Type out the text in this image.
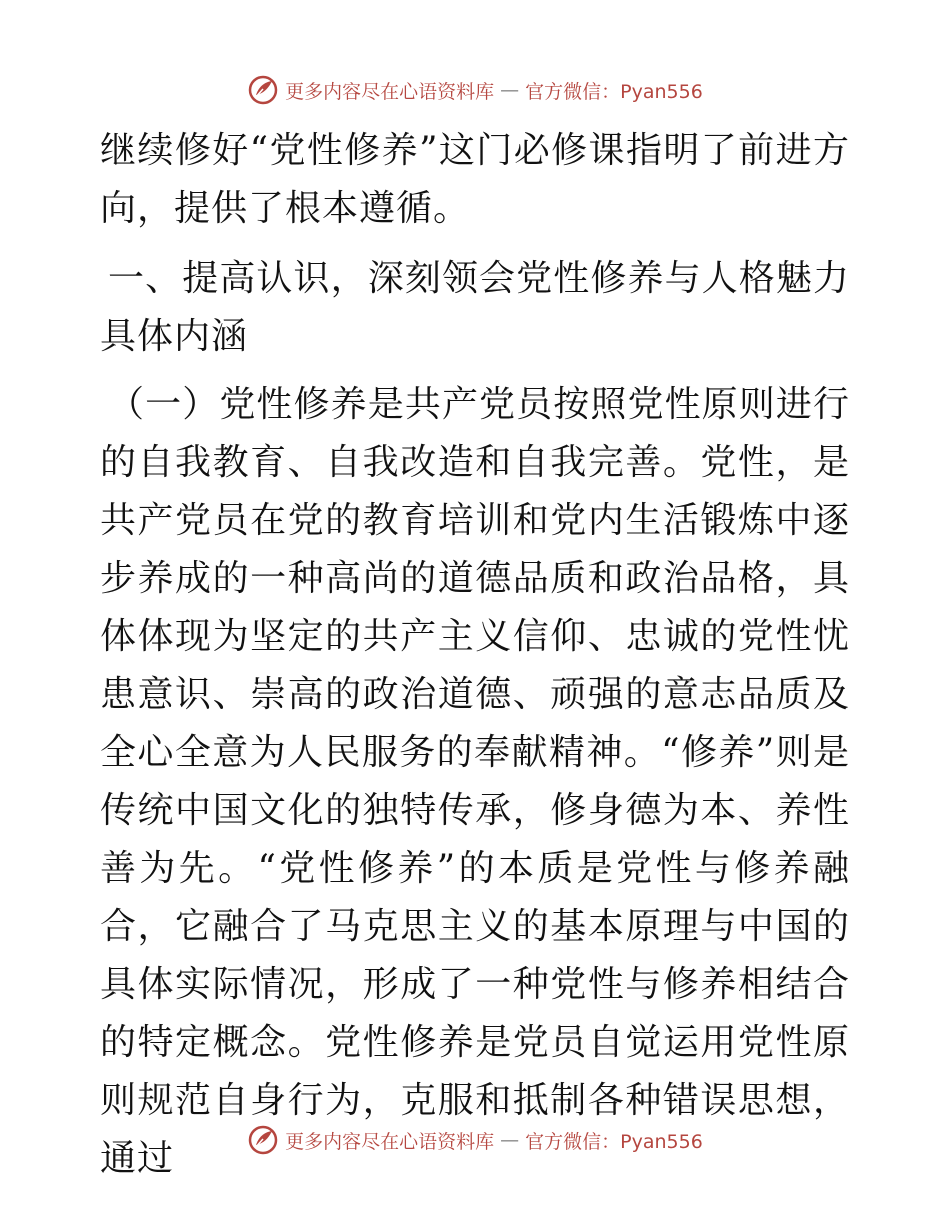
更多内容尽在心语资料库 — 官方微信：Pyan556

继续修好“党性修养”这门必修课指明了前进方向，提供了根本遵循。

一、提高认识，深刻领会党性修养与人格魅力具体内涵

（一）党性修养是共产党员按照党性原则进行的自我教育、自我改造和自我完善。党性，是共产党员在党的教育培训和党内生活锻炼中逐步养成的一种高尚的道德品质和政治品格，具体体现为坚定的共产主义信仰、忠诚的党性忧患意识、崇高的政治道德、顽强的意志品质及全心全意为人民服务的奉献精神。“修养”则是传统中国文化的独特传承，修身德为本、养性善为先。“党性修养”的本质是党性与修养融合，它融合了马克思主义的基本原理与中国的具体实际情况，形成了一种党性与修养相结合的特定概念。党性修养是党员自觉运用党性原则规范自身行为，克服和抵制各种错误思想，通过	更多内容尽在心语资料库 — 官方微信：Pyan556
